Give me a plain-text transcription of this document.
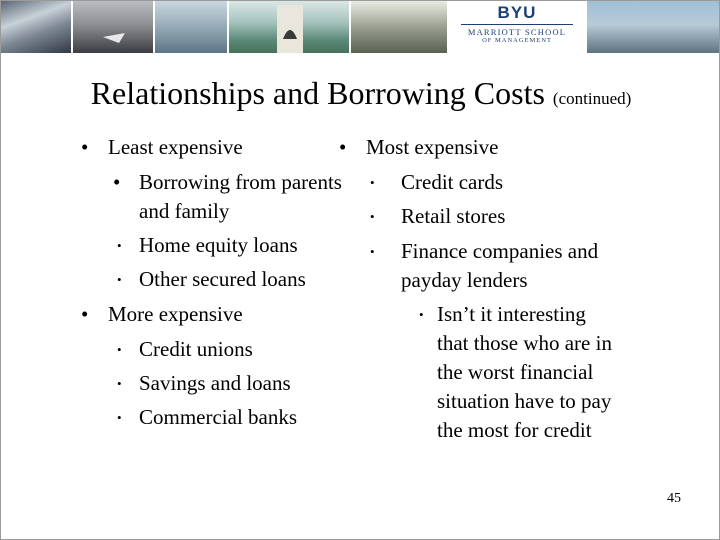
BYU
MARRIOTT SCHOOL
OF MANAGEMENT
Relationships and Borrowing Costs (continued)
• Least expensive
• Borrowing from parents
and family
• Home equity loans
• Other secured loans
• More expensive
• Credit unions
• Savings and loans
• Commercial banks
• Most expensive
• Credit cards
• Retail stores
• Finance companies and
payday lenders
• Isn’t it interesting
that those who are in
the worst financial
situation have to pay
the most for credit
45
